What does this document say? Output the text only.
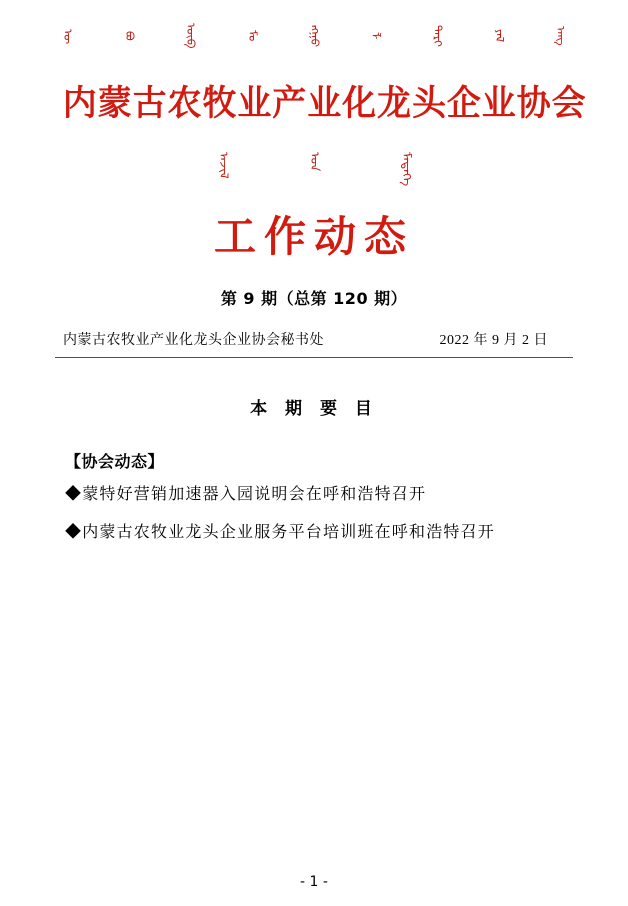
ᠦ	ᠪᠣ	ᠥᠪ	ᠮᠣ	ᠩᠭᠣ	ᠯ	ᠲᠠᠷᠢ	ᠶᠠᠯ	ᠠᠩ
内蒙古农牧业产业化龙头企业协会
ᠠᠵᠢᠯ	ᠤᠨ	ᠮᠡᠳᠡᠭᠡ
工作动态
第 9 期（总第 120 期）
内蒙古农牧业产业化龙头企业协会秘书处	2022 年 9 月 2 日
本 期 要 目
【协会动态】
◆蒙特好营销加速器入园说明会在呼和浩特召开
◆内蒙古农牧业龙头企业服务平台培训班在呼和浩特召开
- 1 -
